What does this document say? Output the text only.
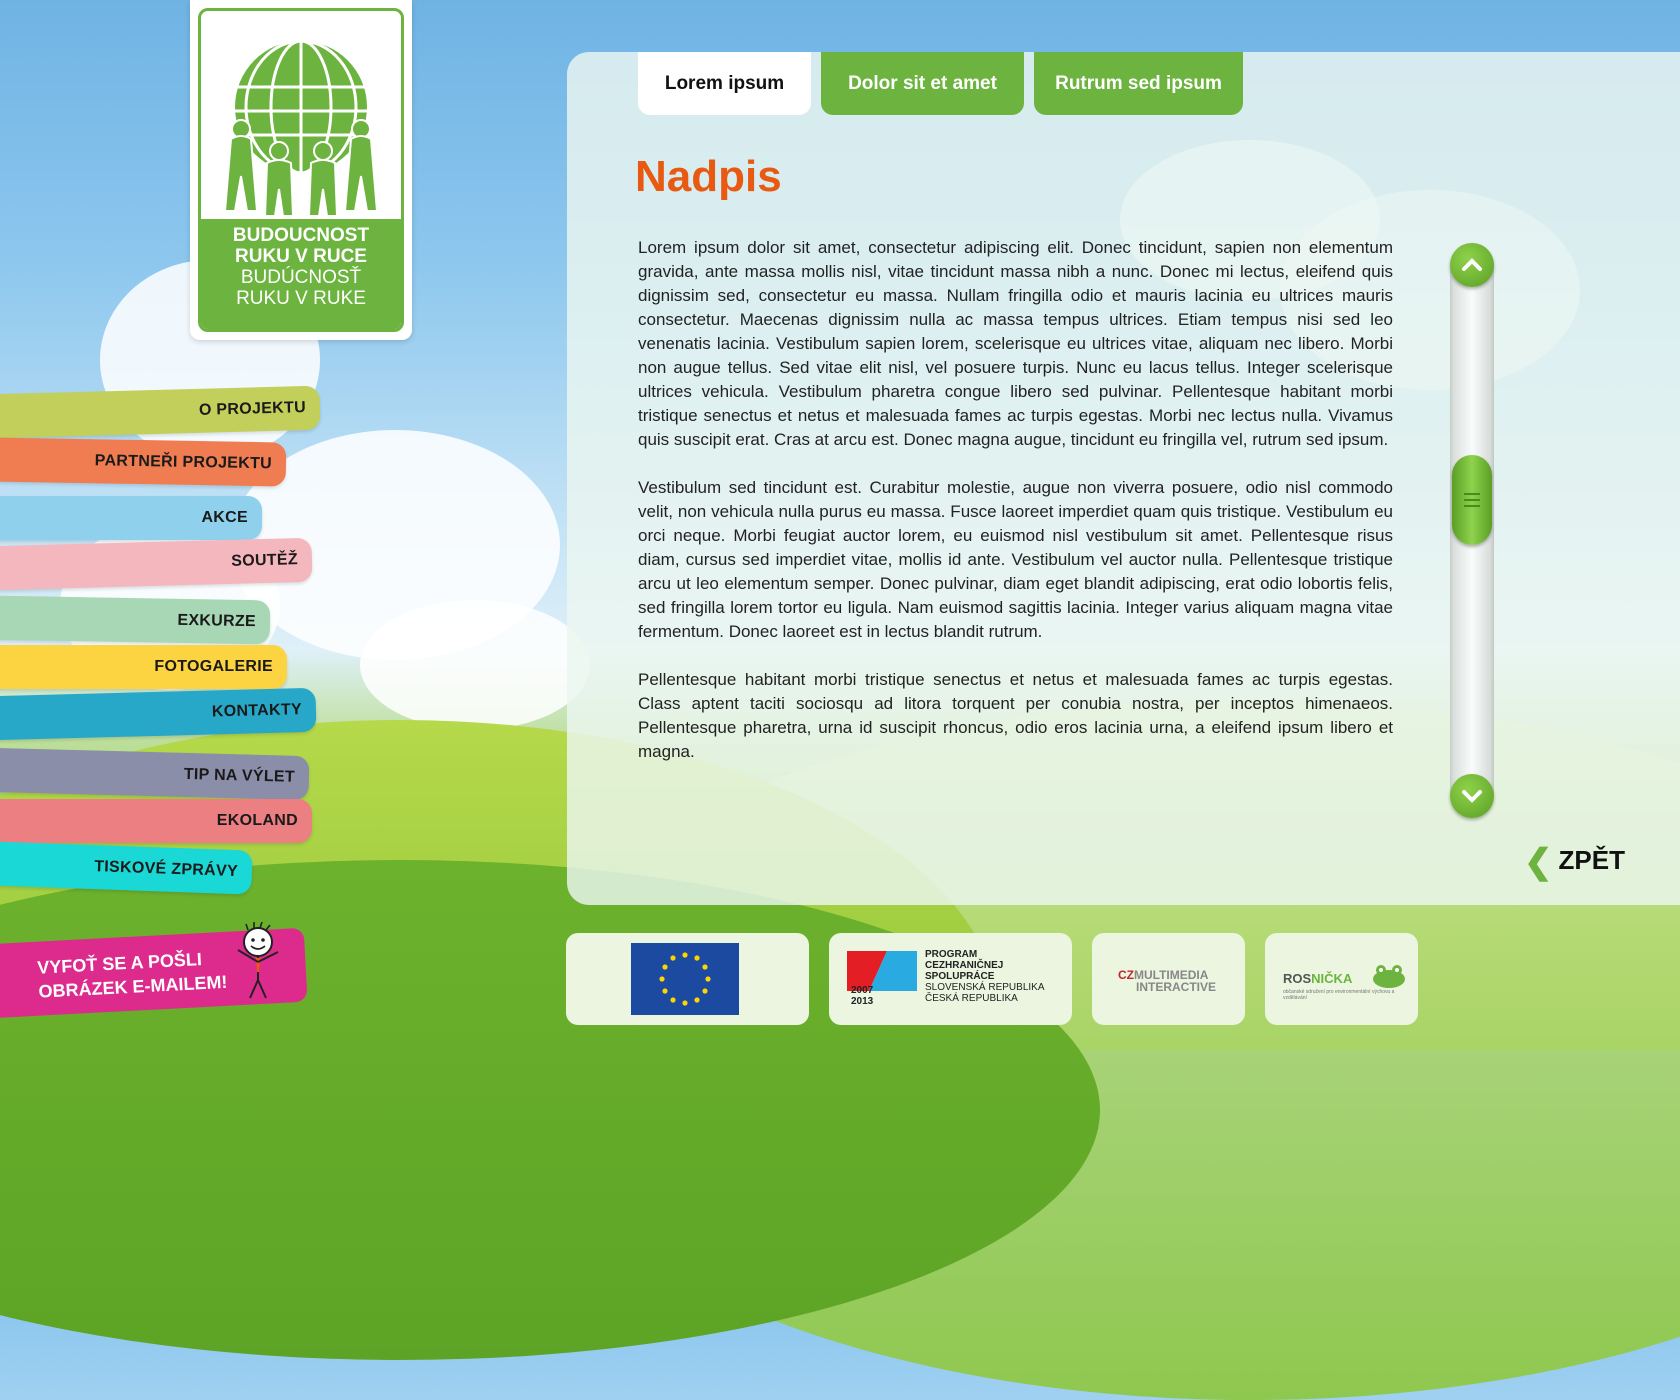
BUDOUCNOST
RUKU V RUCE
BUDÚCNOSŤ
RUKU V RUKE
O PROJEKTU
PARTNEŘI PROJEKTU
AKCE
SOUTĚŽ
EXKURZE
FOTOGALERIE
KONTAKTY
TIP NA VÝLET
EKOLAND
TISKOVÉ ZPRÁVY
VYFOŤ SE A POŠLI
OBRÁZEK E-MAILEM!
Lorem ipsum	Dolor sit et amet	Rutrum sed ipsum
Nadpis

Lorem ipsum dolor sit amet, consectetur adipiscing elit. Donec tincidunt, sapien non elementum gravida, ante massa mollis nisl, vitae tincidunt massa nibh a nunc. Donec mi lectus, eleifend quis dignissim sed, consectetur eu massa. Nullam fringilla odio et mauris lacinia eu ultrices mauris consectetur. Maecenas dignissim nulla ac massa tempus ultrices. Etiam tempus nisi sed leo venenatis lacinia. Vestibulum sapien lorem, scelerisque eu ultrices vitae, aliquam nec libero. Morbi non augue tellus. Sed vitae elit nisl, vel posuere turpis. Nunc eu lacus tellus. Integer scelerisque ultrices vehicula. Vestibulum pharetra congue libero sed pulvinar. Pellentesque habitant morbi tristique senectus et netus et malesuada fames ac turpis egestas. Morbi nec lectus nulla. Vivamus quis suscipit erat. Cras at arcu est. Donec magna augue, tincidunt eu fringilla vel, rutrum sed ipsum.

Vestibulum sed tincidunt est. Curabitur molestie, augue non viverra posuere, odio nisl commodo velit, non vehicula nulla purus eu massa. Fusce laoreet imperdiet quam quis tristique. Vestibulum eu orci neque. Morbi feugiat auctor lorem, eu euismod nisl vestibulum sit amet. Pellentesque risus diam, cursus sed imperdiet vitae, mollis id ante. Vestibulum vel auctor nulla. Pellentesque tristique arcu ut leo elementum semper. Donec pulvinar, diam eget blandit adipiscing, erat odio lobortis felis, sed fringilla lorem tortor eu ligula. Nam euismod sagittis lacinia. Integer varius aliquam magna vitae fermentum. Donec laoreet est in lectus blandit rutrum.

Pellentesque habitant morbi tristique senectus et netus et malesuada fames ac turpis egestas. Class aptent taciti sociosqu ad litora torquent per conubia nostra, per inceptos himenaeos. Pellentesque pharetra, urna id suscipit rhoncus, odio eros lacinia urna, a eleifend ipsum libero et magna.

❮ ZPĚT
2007
2013
PROGRAM
CEZHRANIČNEJ
SPOLUPRÁCE
SLOVENSKÁ REPUBLIKA
ČESKÁ REPUBLIKA
CZMULTIMEDIA
INTERACTIVE
ROSNIČKA
občanské sdružení pro environmentální výchovu a vzdělávání
